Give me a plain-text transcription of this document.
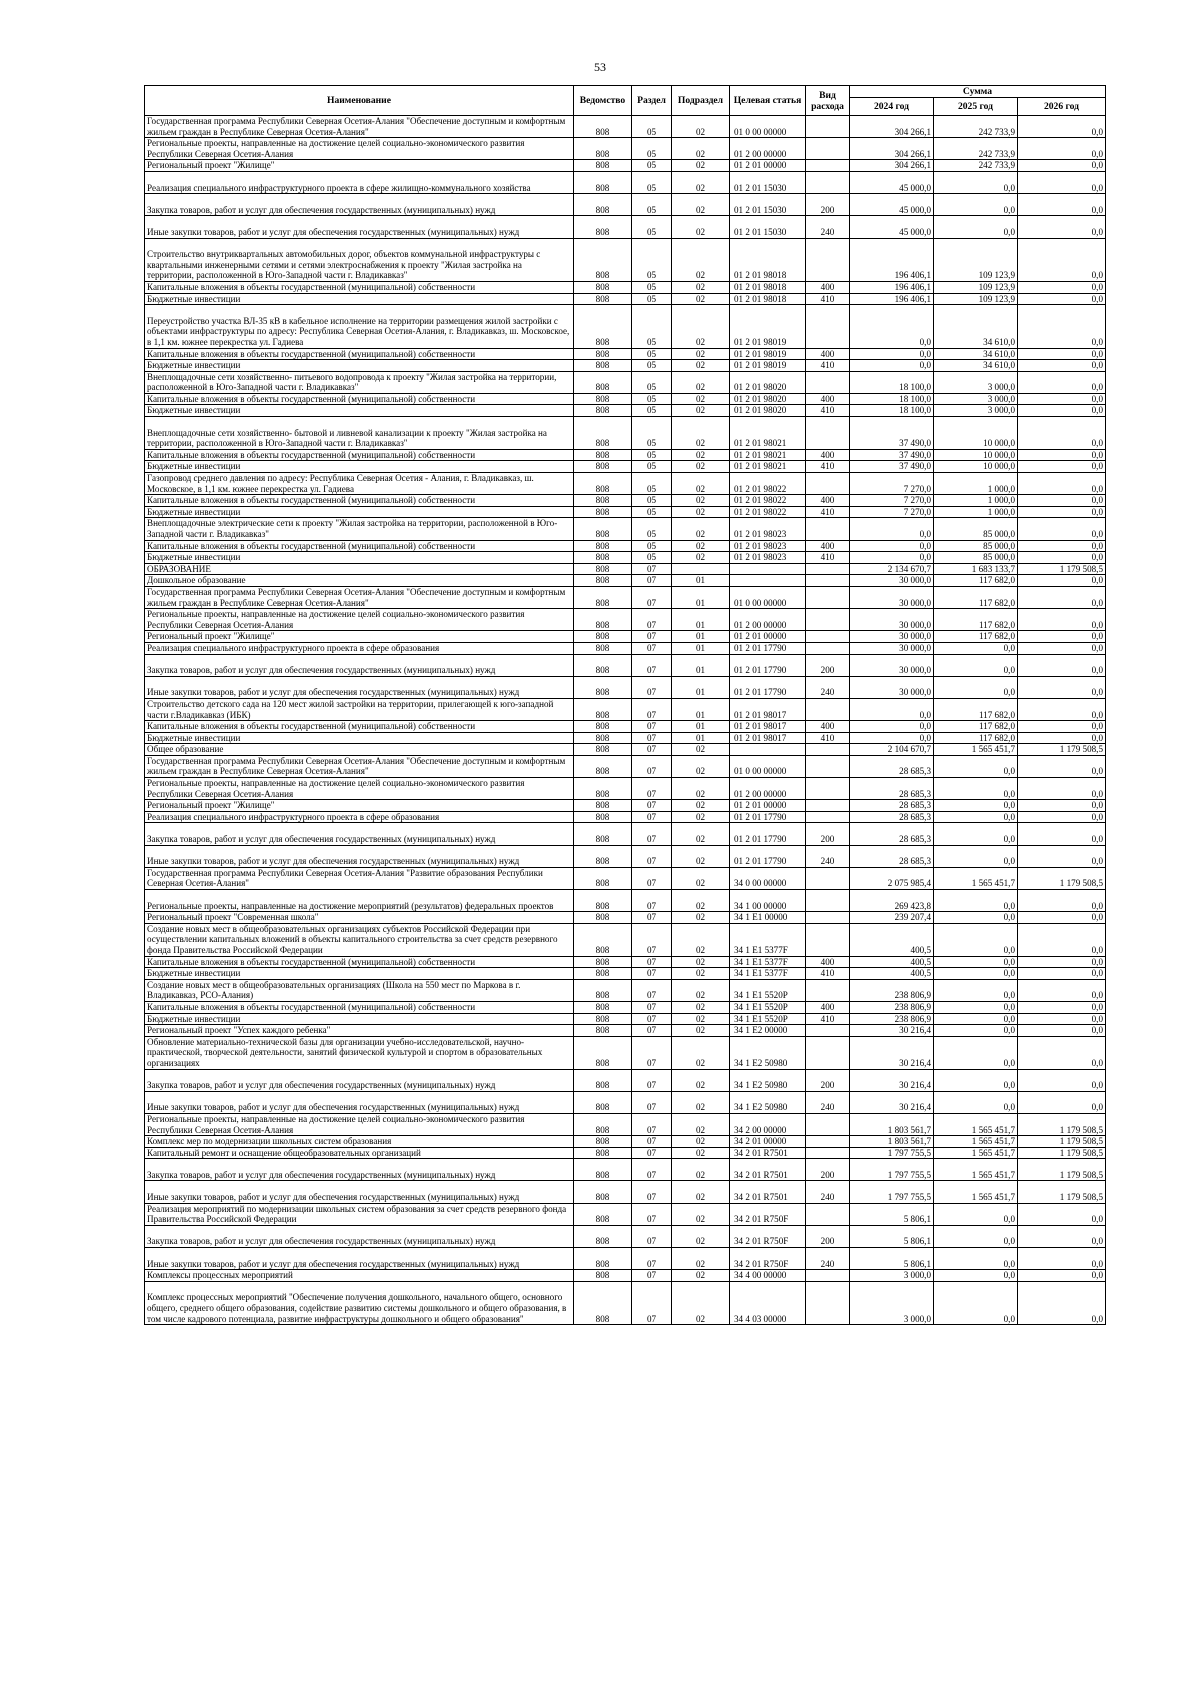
53
Наименование	Ведомство	Раздел	Подраздел	Целевая статья	Вид расхода	Сумма		
						2024 год	2025 год	2026 год
Государственная программа Республики Северная Осетия-Алания "Обеспечение доступным и комфортным жильем граждан в Республике Северная Осетия-Алания"	808	05	02	01 0 00 00000		304 266,1	242 733,9	0,0
Региональные проекты, направленные на достижение целей социально-экономического развития Республики Северная Осетия-Алания	808	05	02	01 2 00 00000		304 266,1	242 733,9	0,0
Региональный проект "Жилище"	808	05	02	01 2 01 00000		304 266,1	242 733,9	0,0
Реализация специального инфраструктурного проекта в сфере жилищно-коммунального хозяйства	808	05	02	01 2 01 15030		45 000,0	0,0	0,0
Закупка товаров, работ и услуг для обеспечения государственных (муниципальных) нужд	808	05	02	01 2 01 15030	200	45 000,0	0,0	0,0
Иные закупки товаров, работ и услуг для обеспечения государственных (муниципальных) нужд	808	05	02	01 2 01 15030	240	45 000,0	0,0	0,0
Строительство внутриквартальных автомобильных дорог, объектов коммунальной инфраструктуры с квартальными инженерными сетями и сетями электроснабжения к проекту "Жилая застройка на территории, расположенной в Юго-Западной части г. Владикавказ"	808	05	02	01 2 01 98018		196 406,1	109 123,9	0,0
Капитальные вложения в объекты государственной (муниципальной) собственности	808	05	02	01 2 01 98018	400	196 406,1	109 123,9	0,0
Бюджетные инвестиции	808	05	02	01 2 01 98018	410	196 406,1	109 123,9	0,0
Переустройство участка ВЛ-35 кВ в кабельное исполнение на территории размещения жилой застройки с объектами инфраструктуры по адресу: Республика Северная Осетия-Алания, г. Владикавказ, ш. Московское, в 1,1 км. южнее перекрестка ул. Гадиева	808	05	02	01 2 01 98019		0,0	34 610,0	0,0
Капитальные вложения в объекты государственной (муниципальной) собственности	808	05	02	01 2 01 98019	400	0,0	34 610,0	0,0
Бюджетные инвестиции	808	05	02	01 2 01 98019	410	0,0	34 610,0	0,0
Внеплощадочные сети хозяйственно- питьевого водопровода к проекту "Жилая застройка на территории, расположенной в Юго-Западной части г. Владикавказ"	808	05	02	01 2 01 98020		18 100,0	3 000,0	0,0
Капитальные вложения в объекты государственной (муниципальной) собственности	808	05	02	01 2 01 98020	400	18 100,0	3 000,0	0,0
Бюджетные инвестиции	808	05	02	01 2 01 98020	410	18 100,0	3 000,0	0,0
Внеплощадочные сети хозяйственно- бытовой и ливневой канализации к проекту "Жилая застройка на территории, расположенной в Юго-Западной части г. Владикавказ"	808	05	02	01 2 01 98021		37 490,0	10 000,0	0,0
Капитальные вложения в объекты государственной (муниципальной) собственности	808	05	02	01 2 01 98021	400	37 490,0	10 000,0	0,0
Бюджетные инвестиции	808	05	02	01 2 01 98021	410	37 490,0	10 000,0	0,0
Газопровод среднего давления по адресу: Республика Северная Осетия - Алания, г. Владикавказ, ш. Московское, в 1,1 км. южнее перекрестка ул. Гадиева	808	05	02	01 2 01 98022		7 270,0	1 000,0	0,0
Капитальные вложения в объекты государственной (муниципальной) собственности	808	05	02	01 2 01 98022	400	7 270,0	1 000,0	0,0
Бюджетные инвестиции	808	05	02	01 2 01 98022	410	7 270,0	1 000,0	0,0
Внеплощадочные электрические сети к проекту "Жилая застройка на территории, расположенной в Юго-Западной части г. Владикавказ"	808	05	02	01 2 01 98023		0,0	85 000,0	0,0
Капитальные вложения в объекты государственной (муниципальной) собственности	808	05	02	01 2 01 98023	400	0,0	85 000,0	0,0
Бюджетные инвестиции	808	05	02	01 2 01 98023	410	0,0	85 000,0	0,0
ОБРАЗОВАНИЕ	808	07				2 134 670,7	1 683 133,7	1 179 508,5
Дошкольное образование	808	07	01			30 000,0	117 682,0	0,0
Государственная программа Республики Северная Осетия-Алания "Обеспечение доступным и комфортным жильем граждан в Республике Северная Осетия-Алания"	808	07	01	01 0 00 00000		30 000,0	117 682,0	0,0
Региональные проекты, направленные на достижение целей социально-экономического развития Республики Северная Осетия-Алания	808	07	01	01 2 00 00000		30 000,0	117 682,0	0,0
Региональный проект "Жилище"	808	07	01	01 2 01 00000		30 000,0	117 682,0	0,0
Реализация специального инфраструктурного проекта в сфере образования	808	07	01	01 2 01 17790		30 000,0	0,0	0,0
Закупка товаров, работ и услуг для обеспечения государственных (муниципальных) нужд	808	07	01	01 2 01 17790	200	30 000,0	0,0	0,0
Иные закупки товаров, работ и услуг для обеспечения государственных (муниципальных) нужд	808	07	01	01 2 01 17790	240	30 000,0	0,0	0,0
Строительство детского сада на 120 мест жилой застройки на территории, прилегающей к юго-западной части г.Владикавказ (ИБК)	808	07	01	01 2 01 98017		0,0	117 682,0	0,0
Капитальные вложения в объекты государственной (муниципальной) собственности	808	07	01	01 2 01 98017	400	0,0	117 682,0	0,0
Бюджетные инвестиции	808	07	01	01 2 01 98017	410	0,0	117 682,0	0,0
Общее образование	808	07	02			2 104 670,7	1 565 451,7	1 179 508,5
Государственная программа Республики Северная Осетия-Алания "Обеспечение доступным и комфортным жильем граждан в Республике Северная Осетия-Алания"	808	07	02	01 0 00 00000		28 685,3	0,0	0,0
Региональные проекты, направленные на достижение целей социально-экономического развития Республики Северная Осетия-Алания	808	07	02	01 2 00 00000		28 685,3	0,0	0,0
Региональный проект "Жилище"	808	07	02	01 2 01 00000		28 685,3	0,0	0,0
Реализация специального инфраструктурного проекта в сфере образования	808	07	02	01 2 01 17790		28 685,3	0,0	0,0
Закупка товаров, работ и услуг для обеспечения государственных (муниципальных) нужд	808	07	02	01 2 01 17790	200	28 685,3	0,0	0,0
Иные закупки товаров, работ и услуг для обеспечения государственных (муниципальных) нужд	808	07	02	01 2 01 17790	240	28 685,3	0,0	0,0
Государственная программа Республики Северная Осетия-Алания "Развитие образования Республики Северная Осетия-Алания"	808	07	02	34 0 00 00000		2 075 985,4	1 565 451,7	1 179 508,5
Региональные проекты, направленные на достижение мероприятий (результатов) федеральных проектов	808	07	02	34 1 00 00000		269 423,8	0,0	0,0
Региональный проект "Современная школа"	808	07	02	34 1 E1 00000		239 207,4	0,0	0,0
Создание новых мест в общеобразовательных организациях субъектов Российской Федерации при осуществлении капитальных вложений в объекты капитального строительства за счет средств резервного фонда Правительства Российской Федерации	808	07	02	34 1 E1 5377F		400,5	0,0	0,0
Капитальные вложения в объекты государственной (муниципальной) собственности	808	07	02	34 1 E1 5377F	400	400,5	0,0	0,0
Бюджетные инвестиции	808	07	02	34 1 E1 5377F	410	400,5	0,0	0,0
Создание новых мест в общеобразовательных организациях (Школа на 550 мест по Маркова в г. Владикавказ, РСО-Алания)	808	07	02	34 1 E1 5520P		238 806,9	0,0	0,0
Капитальные вложения в объекты государственной (муниципальной) собственности	808	07	02	34 1 E1 5520P	400	238 806,9	0,0	0,0
Бюджетные инвестиции	808	07	02	34 1 E1 5520P	410	238 806,9	0,0	0,0
Региональный проект "Успех каждого ребенка"	808	07	02	34 1 E2 00000		30 216,4	0,0	0,0
Обновление материально-технической базы для организации учебно-исследовательской, научно-практической, творческой деятельности, занятий физической культурой и спортом в образовательных организациях	808	07	02	34 1 E2 50980		30 216,4	0,0	0,0
Закупка товаров, работ и услуг для обеспечения государственных (муниципальных) нужд	808	07	02	34 1 E2 50980	200	30 216,4	0,0	0,0
Иные закупки товаров, работ и услуг для обеспечения государственных (муниципальных) нужд	808	07	02	34 1 E2 50980	240	30 216,4	0,0	0,0
Региональные проекты, направленные на достижение целей социально-экономического развития Республики Северная Осетия-Алания	808	07	02	34 2 00 00000		1 803 561,7	1 565 451,7	1 179 508,5
Комплекс мер по модернизации школьных систем образования	808	07	02	34 2 01 00000		1 803 561,7	1 565 451,7	1 179 508,5
Капитальный ремонт и оснащение общеобразовательных организаций	808	07	02	34 2 01 R7501		1 797 755,5	1 565 451,7	1 179 508,5
Закупка товаров, работ и услуг для обеспечения государственных (муниципальных) нужд	808	07	02	34 2 01 R7501	200	1 797 755,5	1 565 451,7	1 179 508,5
Иные закупки товаров, работ и услуг для обеспечения государственных (муниципальных) нужд	808	07	02	34 2 01 R7501	240	1 797 755,5	1 565 451,7	1 179 508,5
Реализация мероприятий по модернизации школьных систем образования за счет средств резервного фонда Правительства Российской Федерации	808	07	02	34 2 01 R750F		5 806,1	0,0	0,0
Закупка товаров, работ и услуг для обеспечения государственных (муниципальных) нужд	808	07	02	34 2 01 R750F	200	5 806,1	0,0	0,0
Иные закупки товаров, работ и услуг для обеспечения государственных (муниципальных) нужд	808	07	02	34 2 01 R750F	240	5 806,1	0,0	0,0
Комплексы процессных мероприятий	808	07	02	34 4 00 00000		3 000,0	0,0	0,0
Комплекс процессных мероприятий "Обеспечение получения дошкольного, начального общего, основного общего, среднего общего образования, содействие развитию системы дошкольного и общего образования, в том числе кадрового потенциала, развитие инфраструктуры дошкольного и общего образования"	808	07	02	34 4 03 00000		3 000,0	0,0	0,0
